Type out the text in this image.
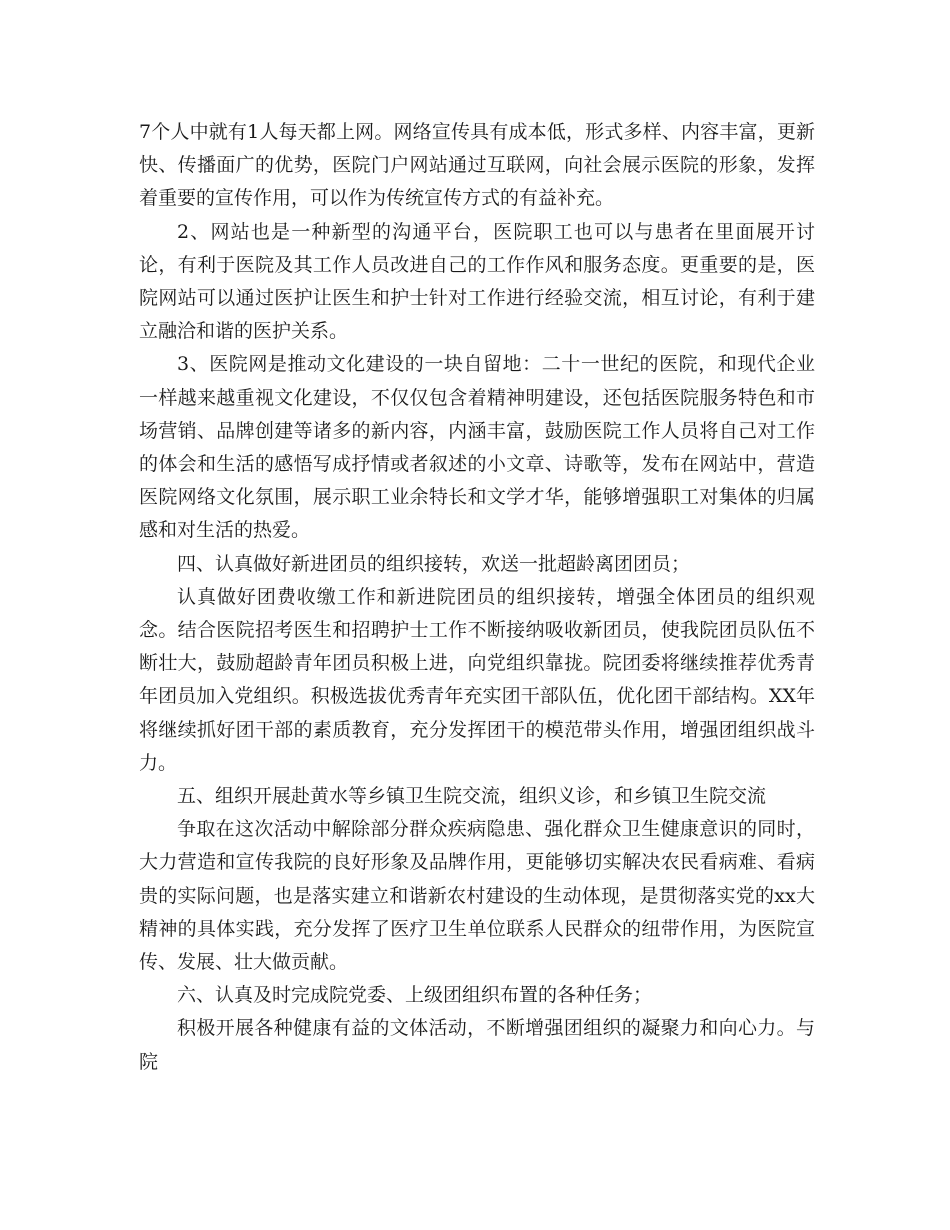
7个人中就有1人每天都上网。网络宣传具有成本低，形式多样、内容丰富，更新快、传播面广的优势，医院门户网站通过互联网，向社会展示医院的形象，发挥着重要的宣传作用，可以作为传统宣传方式的有益补充。

2、网站也是一种新型的沟通平台，医院职工也可以与患者在里面展开讨论，有利于医院及其工作人员改进自己的工作作风和服务态度。更重要的是，医院网站可以通过医护让医生和护士针对工作进行经验交流，相互讨论，有利于建立融洽和谐的医护关系。

3、医院网是推动文化建设的一块自留地：二十一世纪的医院，和现代企业一样越来越重视文化建设，不仅仅包含着精神明建设，还包括医院服务特色和市场营销、品牌创建等诸多的新内容，内涵丰富，鼓励医院工作人员将自己对工作的体会和生活的感悟写成抒情或者叙述的小文章、诗歌等，发布在网站中，营造医院网络文化氛围，展示职工业余特长和文学才华，能够增强职工对集体的归属感和对生活的热爱。

四、认真做好新进团员的组织接转，欢送一批超龄离团团员；

认真做好团费收缴工作和新进院团员的组织接转，增强全体团员的组织观念。结合医院招考医生和招聘护士工作不断接纳吸收新团员，使我院团员队伍不断壮大，鼓励超龄青年团员积极上进，向党组织靠拢。院团委将继续推荐优秀青年团员加入党组织。积极选拔优秀青年充实团干部队伍，优化团干部结构。XX年将继续抓好团干部的素质教育，充分发挥团干的模范带头作用，增强团组织战斗力。

五、组织开展赴黄水等乡镇卫生院交流，组织义诊，和乡镇卫生院交流

争取在这次活动中解除部分群众疾病隐患、强化群众卫生健康意识的同时，大力营造和宣传我院的良好形象及品牌作用，更能够切实解决农民看病难、看病贵的实际问题，也是落实建立和谐新农村建设的生动体现，是贯彻落实党的xx大精神的具体实践，充分发挥了医疗卫生单位联系人民群众的纽带作用，为医院宣传、发展、壮大做贡献。

六、认真及时完成院党委、上级团组织布置的各种任务；

积极开展各种健康有益的文体活动，不断增强团组织的凝聚力和向心力。与院
